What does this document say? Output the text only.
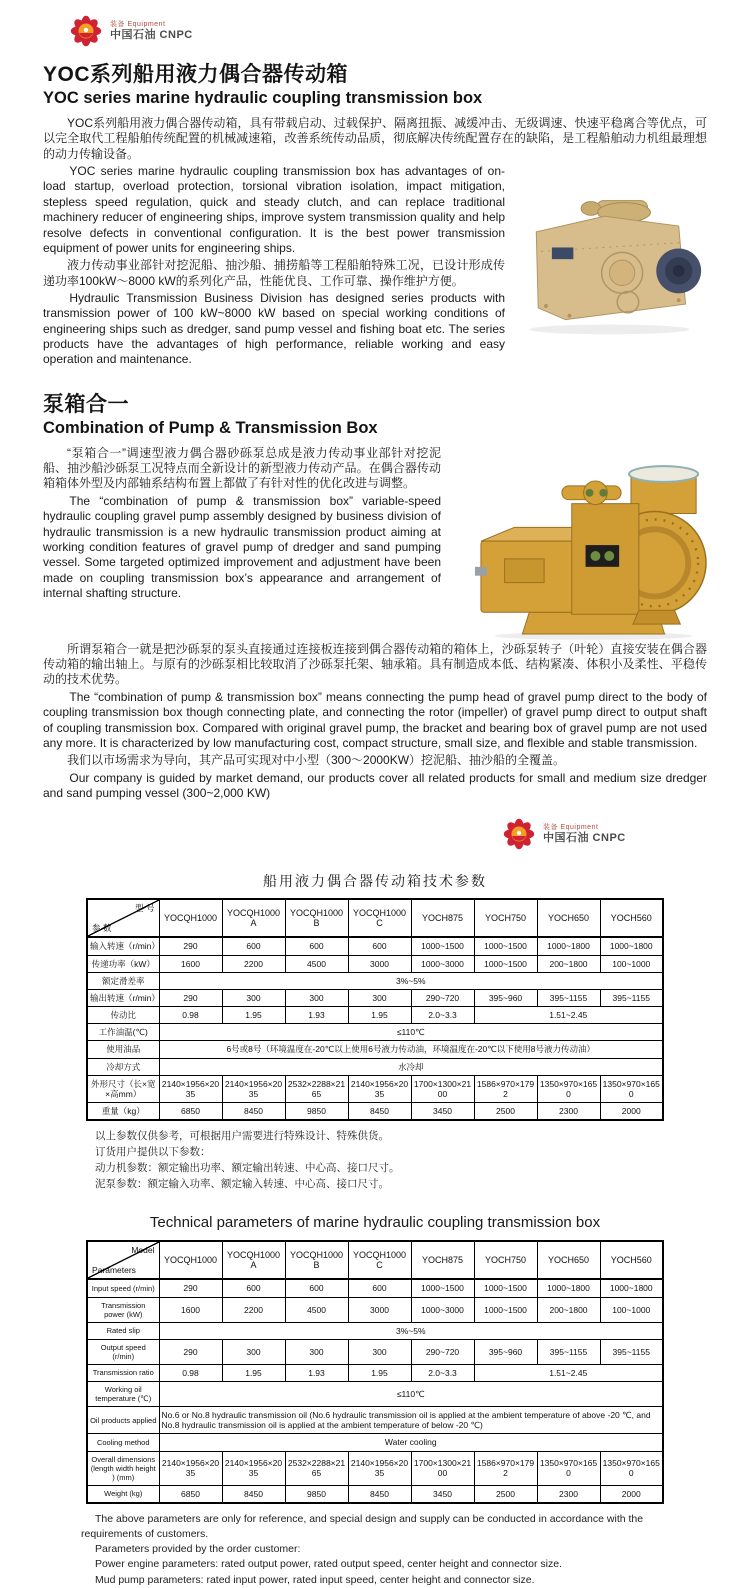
装备 Equipment
中国石油 CNPC
YOC系列船用液力偶合器传动箱
YOC series marine hydraulic coupling transmission box

YOC系列船用液力偶合器传动箱，具有带载启动、过载保护、隔离扭振、减缓冲击、无级调速、快速平稳离合等优点，可以完全取代工程船舶传统配置的机械减速箱，改善系统传动品质，彻底解决传统配置存在的缺陷，是工程船舶动力机组最理想的动力传输设备。

YOC series marine hydraulic coupling transmission box has advantages of on-load startup, overload protection, torsional vibration isolation, impact mitigation, stepless speed regulation, quick and steady clutch, and can replace traditional machinery reducer of engineering ships, improve system transmission quality and help resolve defects in conventional configuration. It is the best power transmission equipment of power units for engineering ships.

液力传动事业部针对挖泥船、抽沙船、捕捞船等工程船舶特殊工况，已设计形成传递功率100kW～8000 kW的系列化产品，性能优良、工作可靠、操作维护方便。

Hydraulic Transmission Business Division has designed series products with transmission power of 100 kW~8000 kW based on special working conditions of engineering ships such as dredger, sand pump vessel and fishing boat etc. The series products have the advantages of high performance, reliable working and easy operation and maintenance.

泵箱合一
Combination of Pump & Transmission Box

“泵箱合一”调速型液力偶合器砂砾泵总成是液力传动事业部针对挖泥船、抽沙船沙砾泵工况特点而全新设计的新型液力传动产品。在偶合器传动箱箱体外型及内部轴系结构布置上都做了有针对性的优化改进与调整。

The “combination of pump & transmission box” variable-speed hydraulic coupling gravel pump assembly designed by business division of hydraulic transmission is a new hydraulic transmission product aiming at working condition features of gravel pump of dredger and sand pumping vessel. Some targeted optimized improvement and adjustment have been made on coupling transmission box’s appearance and arrangement of internal shafting structure.

所谓泵箱合一就是把沙砾泵的泵头直接通过连接板连接到偶合器传动箱的箱体上，沙砾泵转子（叶轮）直接安装在偶合器传动箱的输出轴上。与原有的沙砾泵相比较取消了沙砾泵托架、轴承箱。具有制造成本低、结构紧凑、体积小及柔性、平稳传动的技术优势。

The “combination of pump & transmission box” means connecting the pump head of gravel pump direct to the body of coupling transmission box though connecting plate, and connecting the rotor (impeller) of gravel pump direct to output shaft of coupling transmission box. Compared with original gravel pump, the bracket and bearing box of gravel pump are not used any more. It is characterized by low manufacturing cost, compact structure, small size, and flexible and stable transmission.

我们以市场需求为导向，其产品可实现对中小型（300～2000KW）挖泥船、抽沙船的全覆盖。

Our company is guided by market demand, our products cover all related products for small and medium size dredger and sand pumping vessel (300~2,000 KW)

装备 Equipment
中国石油 CNPC
船用液力偶合器传动箱技术参数
型 号
参 数	YOCQH1000	YOCQH1000A	YOCQH1000B	YOCQH1000C	YOCH875	YOCH750	YOCH650	YOCH560
输入转速（r/min）	290	600	600	600	1000~1500	1000~1500	1000~1800	1000~1800
传递功率（kW）	1600	2200	4500	3000	1000~3000	1000~1500	200~1800	100~1000
额定滑差率	3%~5%							
输出转速（r/min）	290	300	300	300	290~720	395~960	395~1155	395~1155
传动比	0.98	1.95	1.93	1.95	2.0~3.3	1.51~2.45		
工作油温(℃)	≤110℃							
使用油品	6号或8号（环境温度在-20℃以上使用6号液力传动油，环境温度在-20℃以下使用8号液力传动油）							
冷却方式	水冷却							
外形尺寸（长×宽×高mm）	2140×1956×2035	2140×1956×2035	2532×2288×2165	2140×1956×2035	1700×1300×2100	1586×970×1792	1350×970×1650	1350×970×1650
重量（kg）	6850	8450	9850	8450	3450	2500	2300	2000

以上参数仅供参考，可根据用户需要进行特殊设计、特殊供货。

订货用户提供以下参数：

动力机参数：额定输出功率、额定输出转速、中心高、接口尺寸。

泥泵参数：额定输入功率、额定输入转速、中心高、接口尺寸。

Technical parameters of marine hydraulic coupling transmission box
Model
Parameters	YOCQH1000	YOCQH1000A	YOCQH1000B	YOCQH1000C	YOCH875	YOCH750	YOCH650	YOCH560
Input speed (r/min)	290	600	600	600	1000~1500	1000~1500	1000~1800	1000~1800
Transmission power (kW)	1600	2200	4500	3000	1000~3000	1000~1500	200~1800	100~1000
Rated slip	3%~5%							
Output speed (r/min)	290	300	300	300	290~720	395~960	395~1155	395~1155
Transmission ratio	0.98	1.95	1.93	1.95	2.0~3.3	1.51~2.45		
Working oil temperature (℃)	≤110℃							
Oil products applied	No.6 or No.8 hydraulic transmission oil (No.6 hydraulic transmission oil is applied at the ambient temperature of above -20 ℃, and No.8 hydraulic transmission oil is applied at the ambient temperature of below -20 ℃)							
Cooling method	Water cooling							
Overall dimensions (length width height ) (mm)	2140×1956×2035	2140×1956×2035	2532×2288×2165	2140×1956×2035	1700×1300×2100	1586×970×1792	1350×970×1650	1350×970×1650
Weight (kg)	6850	8450	9850	8450	3450	2500	2300	2000

The above parameters are only for reference, and special design and supply can be conducted in accordance with the requirements of customers.

Parameters provided by the order customer:

Power engine parameters: rated output power, rated output speed, center height and connector size.

Mud pump parameters: rated input power, rated input speed, center height and connector size.
